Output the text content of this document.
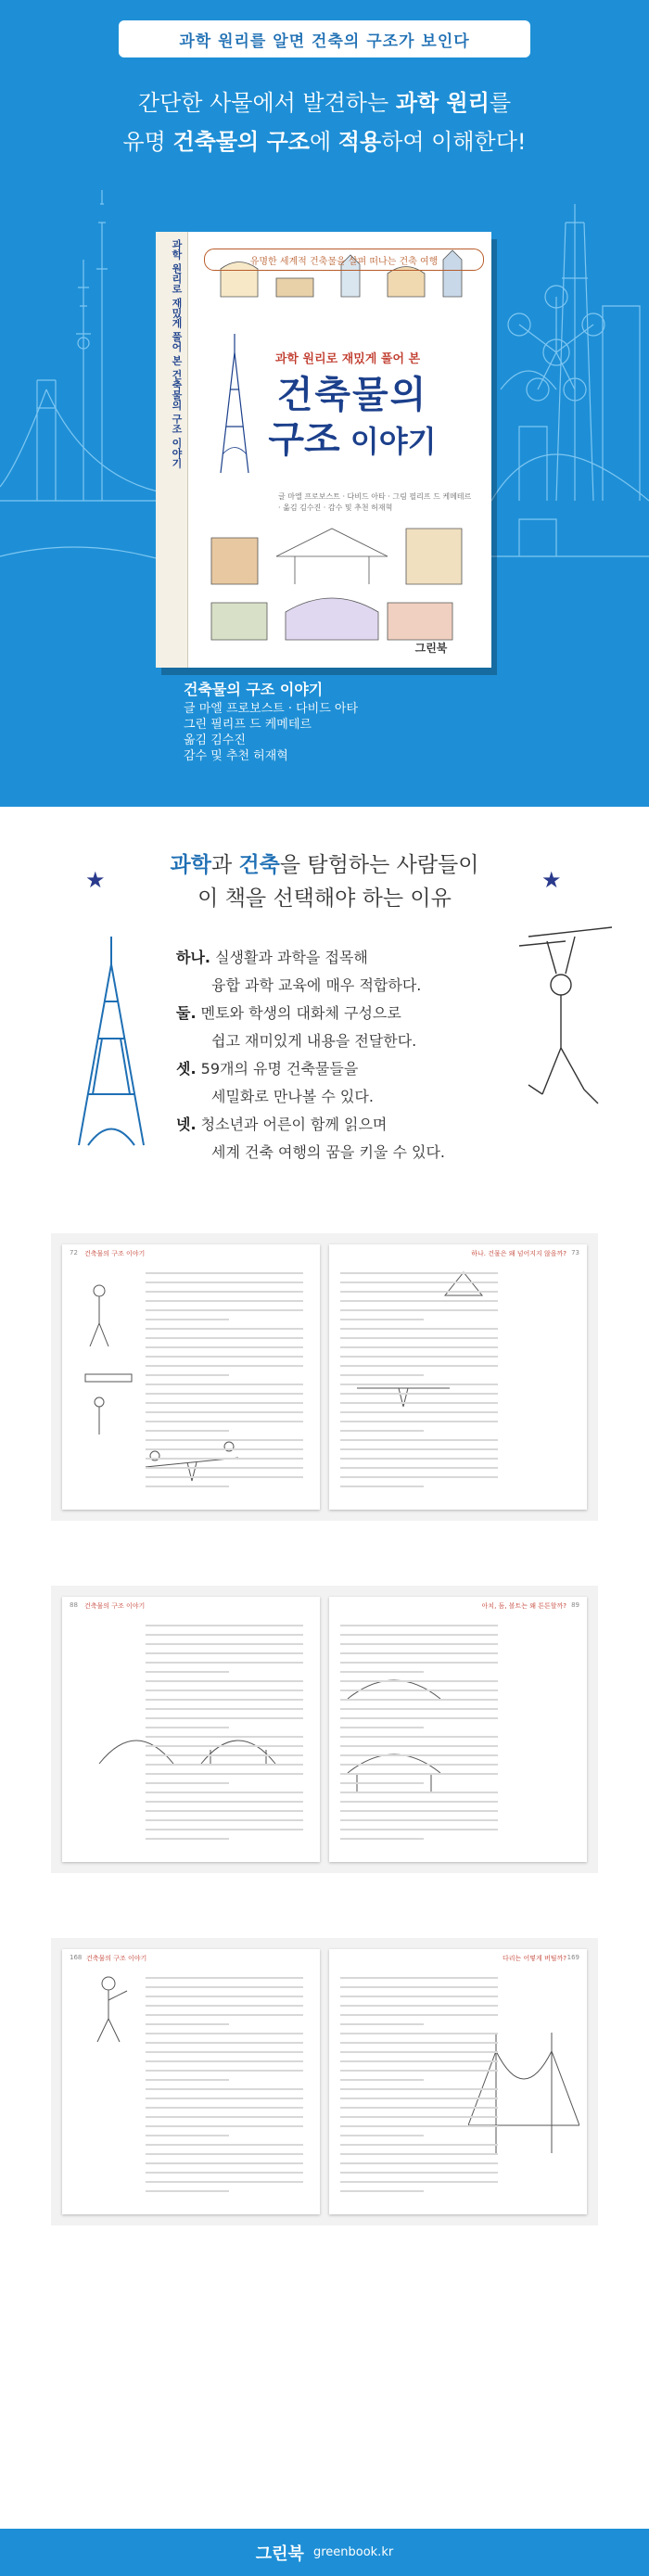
과학 원리를 알면 건축의 구조가 보인다
간단한 사물에서 발견하는 과학 원리를
유명 건축물의 구조에 적용하여 이해한다!
과학 원리로 재밌게 풀어 본 건축물의 구조 이야기	유명한 세계적 건축물을 살펴 떠나는 건축 여행
과학 원리로 재밌게 풀어 본
건축물의
구조 이야기
글 마엘 프로보스트 · 다비드 아타 · 그림 필리프 드 케메테르 · 옮김 김수진 · 감수 및 추천 허재혁
그린북
건축물의 구조 이야기
글 마엘 프로보스트 · 다비드 아타
그린 필리프 드 케메테르
옮김 김수진
감수 및 추천 허재혁
★	★
과학과 건축을 탐험하는 사람들이
이 책을 선택해야 하는 이유
하나. 실생활과 과학을 접목해
융합 과학 교육에 매우 적합하다.
둘. 멘토와 학생의 대화체 구성으로
쉽고 재미있게 내용을 전달한다.
셋. 59개의 유명 건축물들을
세밀화로 만나볼 수 있다.
넷. 청소년과 어른이 함께 읽으며
세계 건축 여행의 꿈을 키울 수 있다.
72 건축물의 구조 이야기	하나. 건물은 왜 넘어지지 않을까? 73
88 건축물의 구조 이야기	아치, 돔, 볼트는 왜 튼튼할까? 89
168 건축물의 구조 이야기	다리는 어떻게 버틸까? 169
그린북 greenbook.kr
